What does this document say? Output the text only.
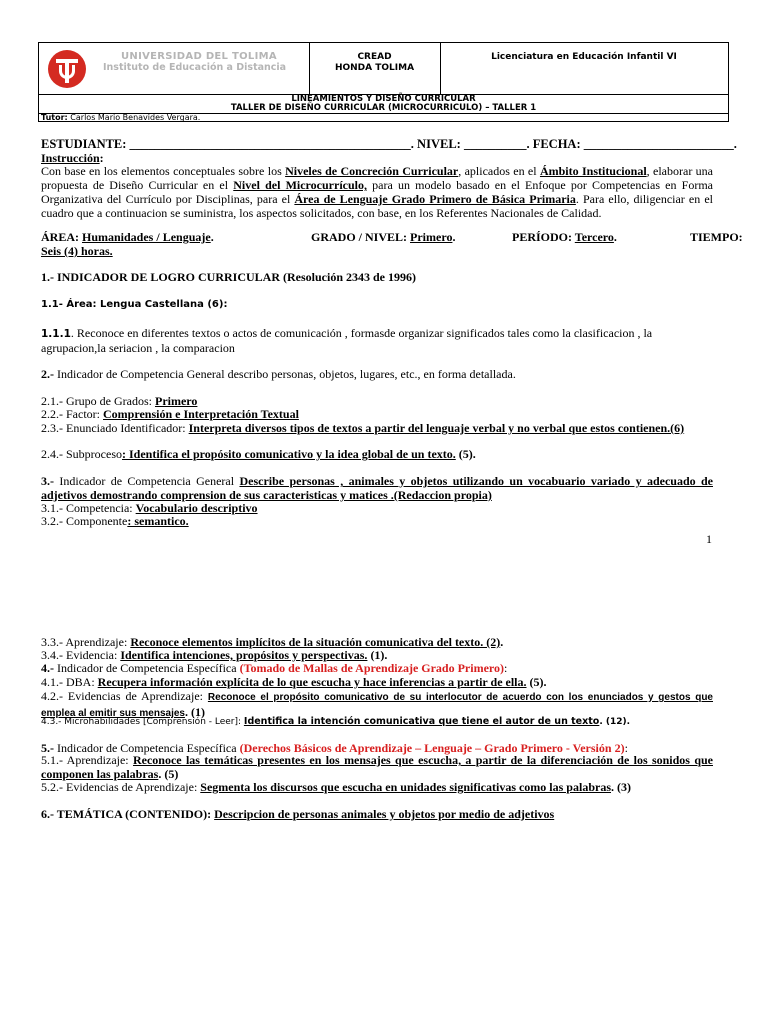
UNIVERSIDAD DEL TOLIMA
Instituto de Educación a Distancia
CREAD
HONDA TOLIMA
Licenciatura en Educación Infantil VI
LINEAMIENTOS Y DISEÑO CURRICULAR
TALLER DE DISEÑO CURRICULAR (MICROCURRICULO) – TALLER 1
Tutor: Carlos Mario Benavides Vergara.
ESTUDIANTE: _____________________________________________. NIVEL: __________. FECHA: ________________________.
Instrucción:
Con base en los elementos conceptuales sobre los Niveles de Concreción Curricular, aplicados en el Ámbito Institucional, elaborar una propuesta de Diseño Curricular en el Nivel del Microcurrículo, para un modelo basado en el Enfoque por Competencias en Forma Organizativa del Currículo por Disciplinas, para el Área de Lenguaje Grado Primero de Básica Primaria. Para ello, diligenciar en el cuadro que a continuacion se suministra, los aspectos solicitados, con base, en los Referentes Nacionales de Calidad.
ÁREA: Humanidades / Lenguaje.	GRADO / NIVEL: Primero.	PERÍODO: Tercero.	TIEMPO:
Seis (4) horas.
1.- INDICADOR DE LOGRO CURRICULAR (Resolución 2343 de 1996)
1.1- Área: Lengua Castellana (6):
1.1.1. Reconoce en diferentes textos o actos de comunicación , formasde organizar significados tales como la clasificacion , la agrupacion,la seriacion , la comparacion
2.- Indicador de Competencia General describo personas, objetos, lugares, etc., en forma detallada.
2.1.- Grupo de Grados: Primero
2.2.- Factor: Comprensión e Interpretación Textual
2.3.- Enunciado Identificador: Interpreta diversos tipos de textos a partir del lenguaje verbal y no verbal que estos contienen.(6)
2.4.- Subproceso: Identifica el propósito comunicativo y la idea global de un texto. (5).
3.- Indicador de Competencia General Describe personas , animales y objetos utilizando un vocabuario variado y adecuado de adjetivos demostrando comprension de sus caracteristicas y matices .(Redaccion propia)
3.1.- Competencia: Vocabulario descriptivo
3.2.- Componente: semantico.
1
3.3.- Aprendizaje: Reconoce elementos implícitos de la situación comunicativa del texto. (2).
3.4.- Evidencia: Identifica intenciones, propósitos y perspectivas. (1).
4.- Indicador de Competencia Específica (Tomado de Mallas de Aprendizaje Grado Primero):
4.1.- DBA: Recupera información explícita de lo que escucha y hace inferencias a partir de ella. (5).
4.2.- Evidencias de Aprendizaje: Reconoce el propósito comunicativo de su interlocutor de acuerdo con los enunciados y gestos que emplea al emitir sus mensajes. (1)
4.3.- Microhabilidades [Comprensión - Leer]: Identifica la intención comunicativa que tiene el autor de un texto. (12).
5.- Indicador de Competencia Específica (Derechos Básicos de Aprendizaje – Lenguaje – Grado Primero - Versión 2):
5.1.- Aprendizaje: Reconoce las temáticas presentes en los mensajes que escucha, a partir de la diferenciación de los sonidos que componen las palabras. (5)
5.2.- Evidencias de Aprendizaje: Segmenta los discursos que escucha en unidades significativas como las palabras. (3)
6.- TEMÁTICA (CONTENIDO): Descripcion de personas animales y objetos por medio de adjetivos
